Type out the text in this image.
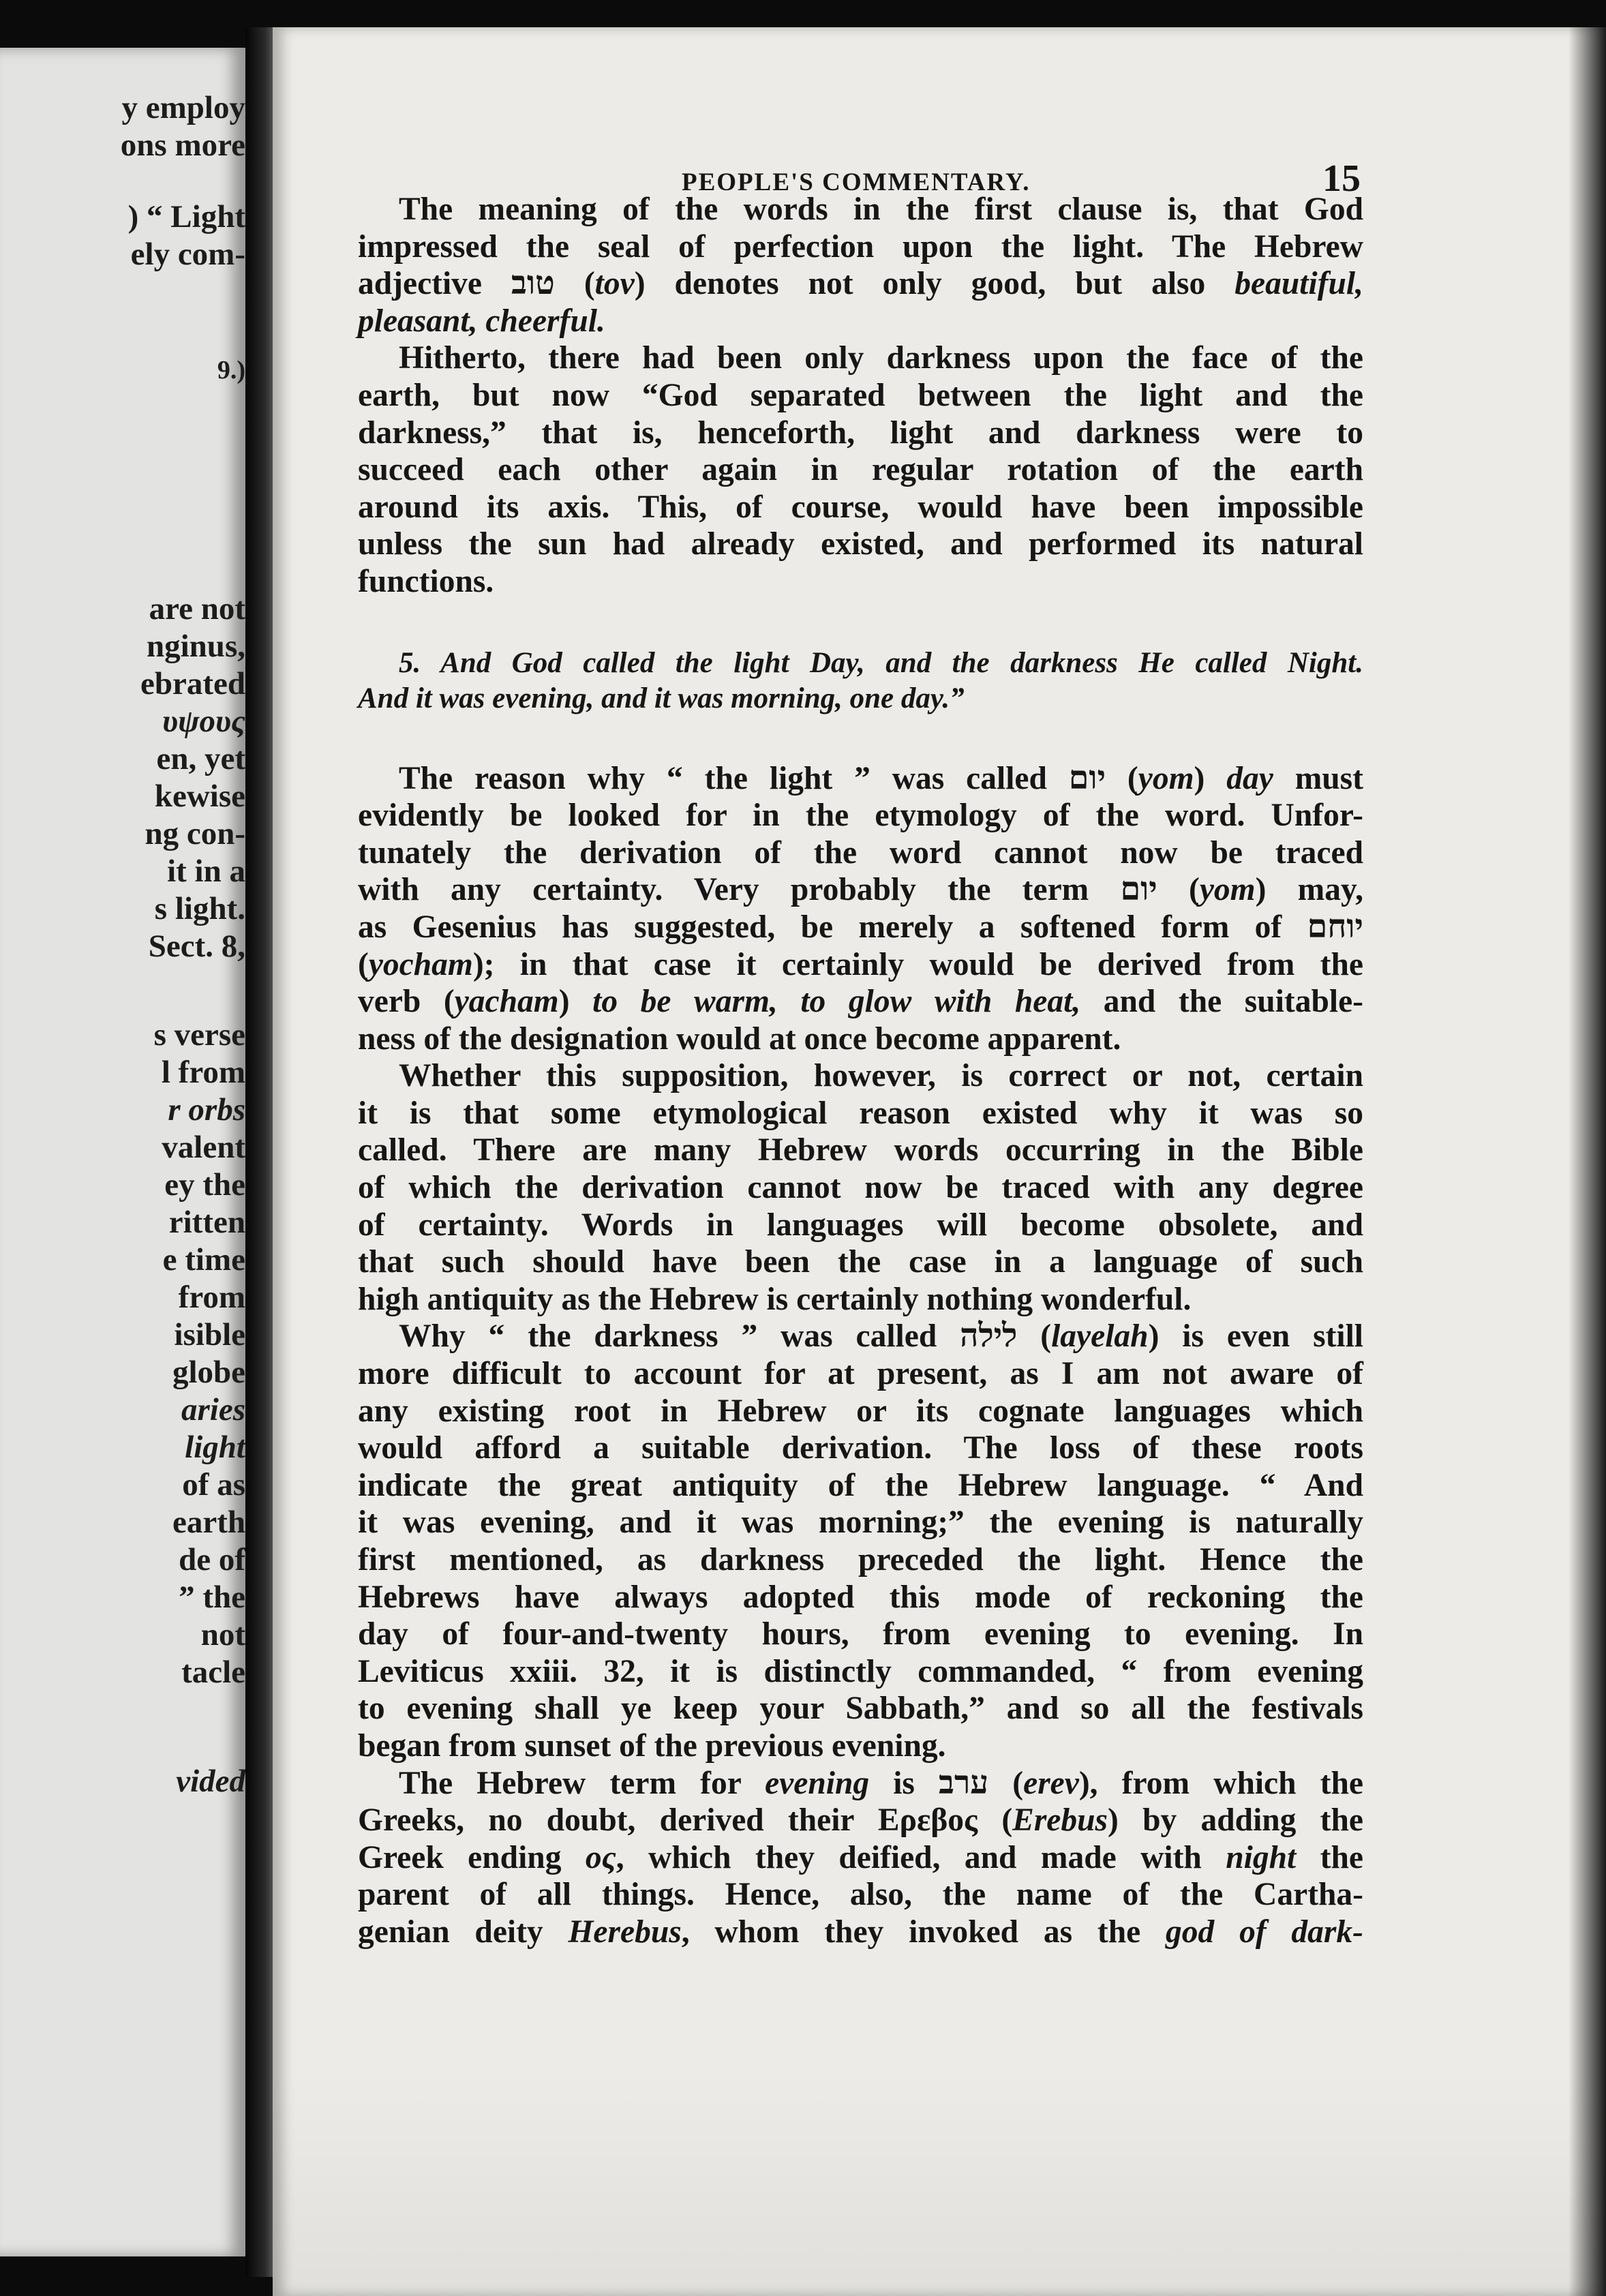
y employ
ons more
) “ Light
ely com-
9.)
are not
nginus,
ebrated
υψους
en, yet
kewise
ng con-
it in a
s light.
Sect. 8,
s verse
l from
r orbs
valent
ey the
ritten
e time
from
isible
globe
aries
light
of as
earth
de of
” the
not
tacle
vided
PEOPLE'S COMMENTARY.	15
The meaning of the words in the first clause is, that God
impressed the seal of perfection upon the light. The Hebrew
adjective טוב (tov) denotes not only good, but also beautiful,
pleasant, cheerful.
Hitherto, there had been only darkness upon the face of the
earth, but now “God separated between the light and the
darkness,” that is, henceforth, light and darkness were to
succeed each other again in regular rotation of the earth
around its axis. This, of course, would have been impossible
unless the sun had already existed, and performed its natural
functions.
5. And God called the light Day, and the darkness He called Night.
And it was evening, and it was morning, one day.”
The reason why “ the light ” was called יום (yom) day must
evidently be looked for in the etymology of the word. Unfor-
tunately the derivation of the word cannot now be traced
with any certainty. Very probably the term יום (yom) may,
as Gesenius has suggested, be merely a softened form of יוחם
(yocham); in that case it certainly would be derived from the
verb (yacham) to be warm, to glow with heat, and the suitable-
ness of the designation would at once become apparent.
Whether this supposition, however, is correct or not, certain
it is that some etymological reason existed why it was so
called. There are many Hebrew words occurring in the Bible
of which the derivation cannot now be traced with any degree
of certainty. Words in languages will become obsolete, and
that such should have been the case in a language of such
high antiquity as the Hebrew is certainly nothing wonderful.
Why “ the darkness ” was called לילה (layelah) is even still
more difficult to account for at present, as I am not aware of
any existing root in Hebrew or its cognate languages which
would afford a suitable derivation. The loss of these roots
indicate the great antiquity of the Hebrew language. “ And
it was evening, and it was morning;” the evening is naturally
first mentioned, as darkness preceded the light. Hence the
Hebrews have always adopted this mode of reckoning the
day of four-and-twenty hours, from evening to evening. In
Leviticus xxiii. 32, it is distinctly commanded, “ from evening
to evening shall ye keep your Sabbath,” and so all the festivals
began from sunset of the previous evening.
The Hebrew term for evening is ערב (erev), from which the
Greeks, no doubt, derived their Ερεβος (Erebus) by adding the
Greek ending oς, which they deified, and made with night the
parent of all things. Hence, also, the name of the Cartha-
genian deity Herebus, whom they invoked as the god of dark-
